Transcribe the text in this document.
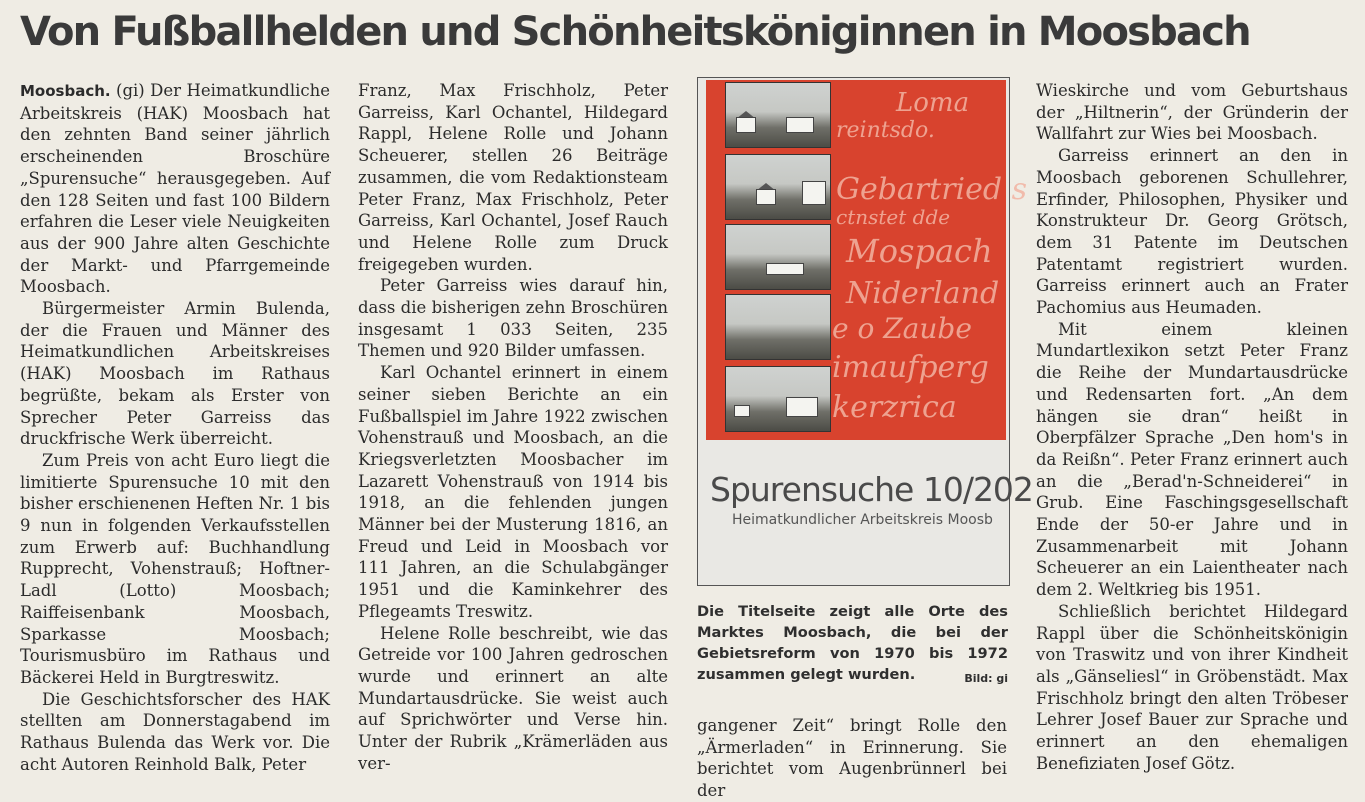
Von Fußballhelden und Schönheitsköniginnen in Moosbach

Moosbach. (gi) Der Heimatkundliche Arbeitskreis (HAK) Moosbach hat den zehnten Band seiner jährlich erscheinenden Broschüre „Spurensuche“ herausgegeben. Auf den 128 Seiten und fast 100 Bildern erfahren die Leser viele Neuigkeiten aus der 900 Jahre alten Geschichte der Markt- und Pfarrgemeinde Moosbach.

Bürgermeister Armin Bulenda, der die Frauen und Männer des Heimatkundlichen Arbeitskreises (HAK) Moosbach im Rathaus begrüßte, bekam als Erster von Sprecher Peter Garreiss das druckfrische Werk überreicht.

Zum Preis von acht Euro liegt die limitierte Spurensuche 10 mit den bisher erschienenen Heften Nr. 1 bis 9 nun in folgenden Verkaufsstellen zum Erwerb auf: Buchhandlung Rupprecht, Vohenstrauß; Hoftner-Ladl (Lotto) Moosbach; Raiffeisenbank Moosbach, Sparkasse Moosbach; Tourismusbüro im Rathaus und Bäckerei Held in Burgtreswitz.

Die Geschichtsforscher des HAK stellten am Donnerstagabend im Rathaus Bulenda das Werk vor. Die acht Autoren Reinhold Balk, Peter

Franz, Max Frischholz, Peter Garreiss, Karl Ochantel, Hildegard Rappl, Helene Rolle und Johann Scheuerer, stellen 26 Beiträge zusammen, die vom Redaktionsteam Peter Franz, Max Frischholz, Peter Garreiss, Karl Ochantel, Josef Rauch und Helene Rolle zum Druck freigegeben wurden.

Peter Garreiss wies darauf hin, dass die bisherigen zehn Broschüren insgesamt 1 033 Seiten, 235 Themen und 920 Bilder umfassen.

Karl Ochantel erinnert in einem seiner sieben Berichte an ein Fußballspiel im Jahre 1922 zwischen Vohenstrauß und Moosbach, an die Kriegsverletzten Moosbacher im Lazarett Vohenstrauß von 1914 bis 1918, an die fehlenden jungen Männer bei der Musterung 1816, an Freud und Leid in Moosbach vor 111 Jahren, an die Schulabgänger 1951 und die Kaminkehrer des Pflegeamts Treswitz.

Helene Rolle beschreibt, wie das Getreide vor 100 Jahren gedroschen wurde und erinnert an alte Mundartausdrücke. Sie weist auch auf Sprichwörter und Verse hin. Unter der Rubrik „Krämerläden aus ver-

Loma
reintsdo.
Gebartried s
ctnstet dde
Mospach
Niderland
e o Zaube
imaufperg
kerzrica
Spurensuche 10/202
Heimatkundlicher Arbeitskreis Moosb
Die Titelseite zeigt alle Orte des Marktes Moosbach, die bei der Gebietsreform von 1970 bis 1972 zusammen gelegt wurden.	Bild: gi

gangener Zeit“ bringt Rolle den „Ärmerladen“ in Erinnerung. Sie berichtet vom Augenbrünnerl bei der

Wieskirche und vom Geburtshaus der „Hiltnerin“, der Gründerin der Wallfahrt zur Wies bei Moosbach.

Garreiss erinnert an den in Moosbach geborenen Schullehrer, Erfinder, Philosophen, Physiker und Konstrukteur Dr. Georg Grötsch, dem 31 Patente im Deutschen Patentamt registriert wurden. Garreiss erinnert auch an Frater Pachomius aus Heumaden.

Mit einem kleinen Mundartlexikon setzt Peter Franz die Reihe der Mundartausdrücke und Redensarten fort. „An dem hängen sie dran“ heißt in Oberpfälzer Sprache „Den hom's in da Reißn“. Peter Franz erinnert auch an die „Berad'n-Schneiderei“ in Grub. Eine Faschingsgesellschaft Ende der 50-er Jahre und in Zusammenarbeit mit Johann Scheuerer an ein Laientheater nach dem 2. Weltkrieg bis 1951.

Schließlich berichtet Hildegard Rappl über die Schönheitskönigin von Traswitz und von ihrer Kindheit als „Gänseliesl“ in Gröbenstädt. Max Frischholz bringt den alten Tröbeser Lehrer Josef Bauer zur Sprache und erinnert an den ehemaligen Benefiziaten Josef Götz.
